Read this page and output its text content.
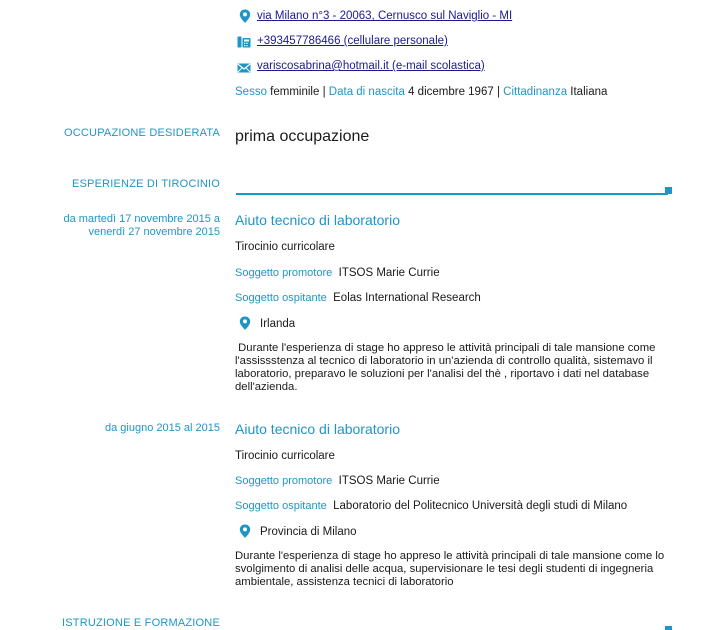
via Milano n°3 - 20063, Cernusco sul Naviglio - MI
+393457786466 (cellulare personale)
variscosabrina@hotmail.it (e-mail scolastica)
Sesso femminile | Data di nascita 4 dicembre 1967 | Cittadinanza Italiana
OCCUPAZIONE DESIDERATA prima occupazione
ESPERIENZE DI TIROCINIO
da martedì 17 novembre 2015 a
venerdì 27 novembre 2015
Aiuto tecnico di laboratorio
Tirocinio curricolare
Soggetto promotore ITSOS Marie Currie
Soggetto ospitante Eolas International Research
Irlanda
Durante l'esperienza di stage ho appreso le attività principali di tale mansione come l'assissstenza al tecnico di laboratorio in un'azienda di controllo qualità, sistemavo il laboratorio, preparavo le soluzioni per l'analisi del thè , riportavo i dati nel database dell'azienda.
da giugno 2015 al 2015 Aiuto tecnico di laboratorio
Tirocinio curricolare
Soggetto promotore ITSOS Marie Currie
Soggetto ospitante Laboratorio del Politecnico Università degli studi di Milano
Provincia di Milano
Durante l'esperienza di stage ho appreso le attività principali di tale mansione come lo svolgimento di analisi delle acqua, supervisionare le tesi degli studenti di ingegneria ambientale, assistenza tecnici di laboratorio
ISTRUZIONE E FORMAZIONE
